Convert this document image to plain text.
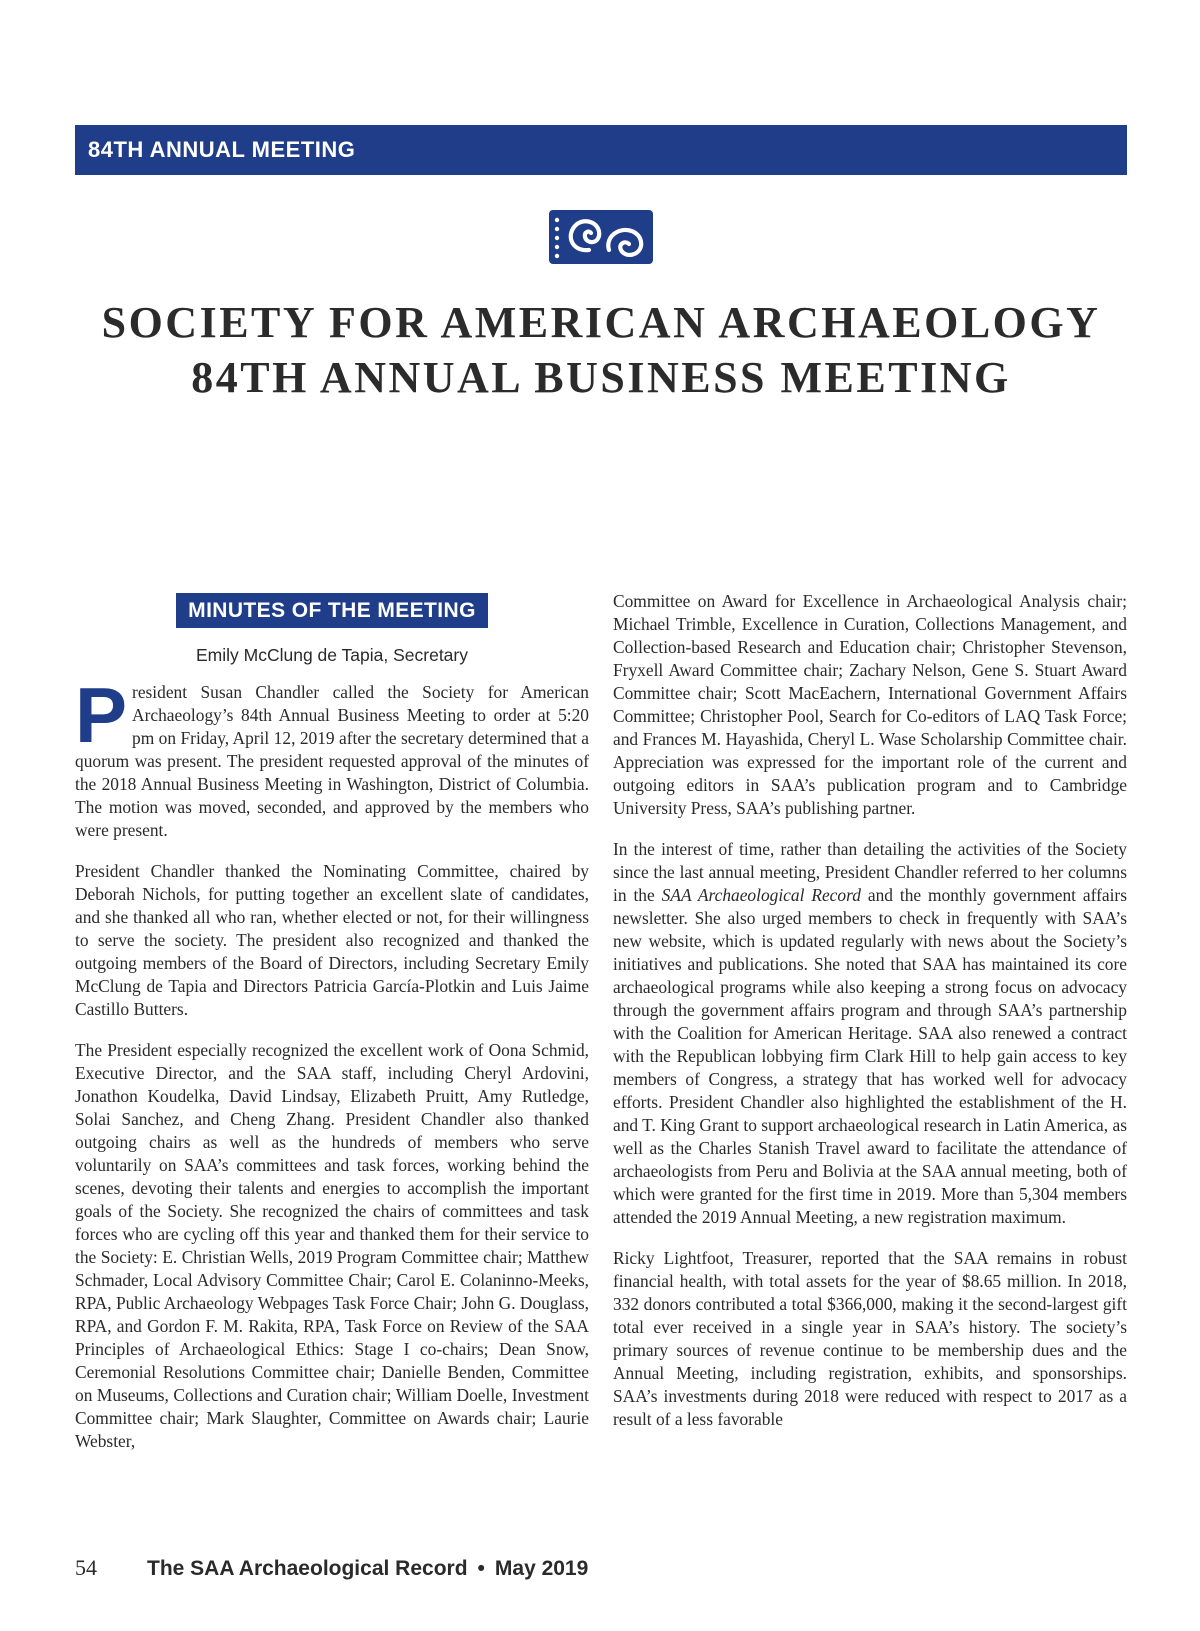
84TH ANNUAL MEETING
SOCIETY FOR AMERICAN ARCHAEOLOGY
84TH ANNUAL BUSINESS MEETING
MINUTES OF THE MEETING
Emily McClung de Tapia, Secretary

President Susan Chandler called the Society for American Archaeology’s 84th Annual Business Meeting to order at 5:20 pm on Friday, April 12, 2019 after the secretary determined that a quorum was present. The president requested approval of the minutes of the 2018 Annual Business Meeting in Washington, District of Columbia. The motion was moved, seconded, and approved by the members who were present.

President Chandler thanked the Nominating Committee, chaired by Deborah Nichols, for putting together an excellent slate of candidates, and she thanked all who ran, whether elected or not, for their willingness to serve the society. The president also recognized and thanked the outgoing members of the Board of Directors, including Secretary Emily McClung de Tapia and Directors Patricia García-Plotkin and Luis Jaime Castillo Butters.

The President especially recognized the excellent work of Oona Schmid, Executive Director, and the SAA staff, including Cheryl Ardovini, Jonathon Koudelka, David Lindsay, Elizabeth Pruitt, Amy Rutledge, Solai Sanchez, and Cheng Zhang. President Chandler also thanked outgoing chairs as well as the hundreds of members who serve voluntarily on SAA’s committees and task forces, working behind the scenes, devoting their talents and energies to accomplish the important goals of the Society. She recognized the chairs of committees and task forces who are cycling off this year and thanked them for their service to the Society: E. Christian Wells, 2019 Program Committee chair; Matthew Schmader, Local Advisory Committee Chair; Carol E. Colaninno-Meeks, RPA, Public Archaeology Webpages Task Force Chair; John G. Douglass, RPA, and Gordon F. M. Rakita, RPA, Task Force on Review of the SAA Principles of Archaeological Ethics: Stage I co-chairs; Dean Snow, Ceremonial Resolutions Committee chair; Danielle Benden, Committee on Museums, Collections and Curation chair; William Doelle, Investment Committee chair; Mark Slaughter, Committee on Awards chair; Laurie Webster,

Committee on Award for Excellence in Archaeological Analysis chair; Michael Trimble, Excellence in Curation, Collections Management, and Collection-based Research and Education chair; Christopher Stevenson, Fryxell Award Committee chair; Zachary Nelson, Gene S. Stuart Award Committee chair; Scott MacEachern, International Government Affairs Committee; Christopher Pool, Search for Co-editors of LAQ Task Force; and Frances M. Hayashida, Cheryl L. Wase Scholarship Committee chair. Appreciation was expressed for the important role of the current and outgoing editors in SAA’s publication program and to Cambridge University Press, SAA’s publishing partner.

In the interest of time, rather than detailing the activities of the Society since the last annual meeting, President Chandler referred to her columns in the SAA Archaeological Record and the monthly government affairs newsletter. She also urged members to check in frequently with SAA’s new website, which is updated regularly with news about the Society’s initiatives and publications. She noted that SAA has maintained its core archaeological programs while also keeping a strong focus on advocacy through the government affairs program and through SAA’s partnership with the Coalition for American Heritage. SAA also renewed a contract with the Republican lobbying firm Clark Hill to help gain access to key members of Congress, a strategy that has worked well for advocacy efforts. President Chandler also highlighted the establishment of the H. and T. King Grant to support archaeological research in Latin America, as well as the Charles Stanish Travel award to facilitate the attendance of archaeologists from Peru and Bolivia at the SAA annual meeting, both of which were granted for the first time in 2019. More than 5,304 members attended the 2019 Annual Meeting, a new registration maximum.

Ricky Lightfoot, Treasurer, reported that the SAA remains in robust financial health, with total assets for the year of $8.65 million. In 2018, 332 donors contributed a total $366,000, making it the second-largest gift total ever received in a single year in SAA’s history. The society’s primary sources of revenue continue to be membership dues and the Annual Meeting, including registration, exhibits, and sponsorships. SAA’s investments during 2018 were reduced with respect to 2017 as a result of a less favorable

54 The SAA Archaeological Record • May 2019
